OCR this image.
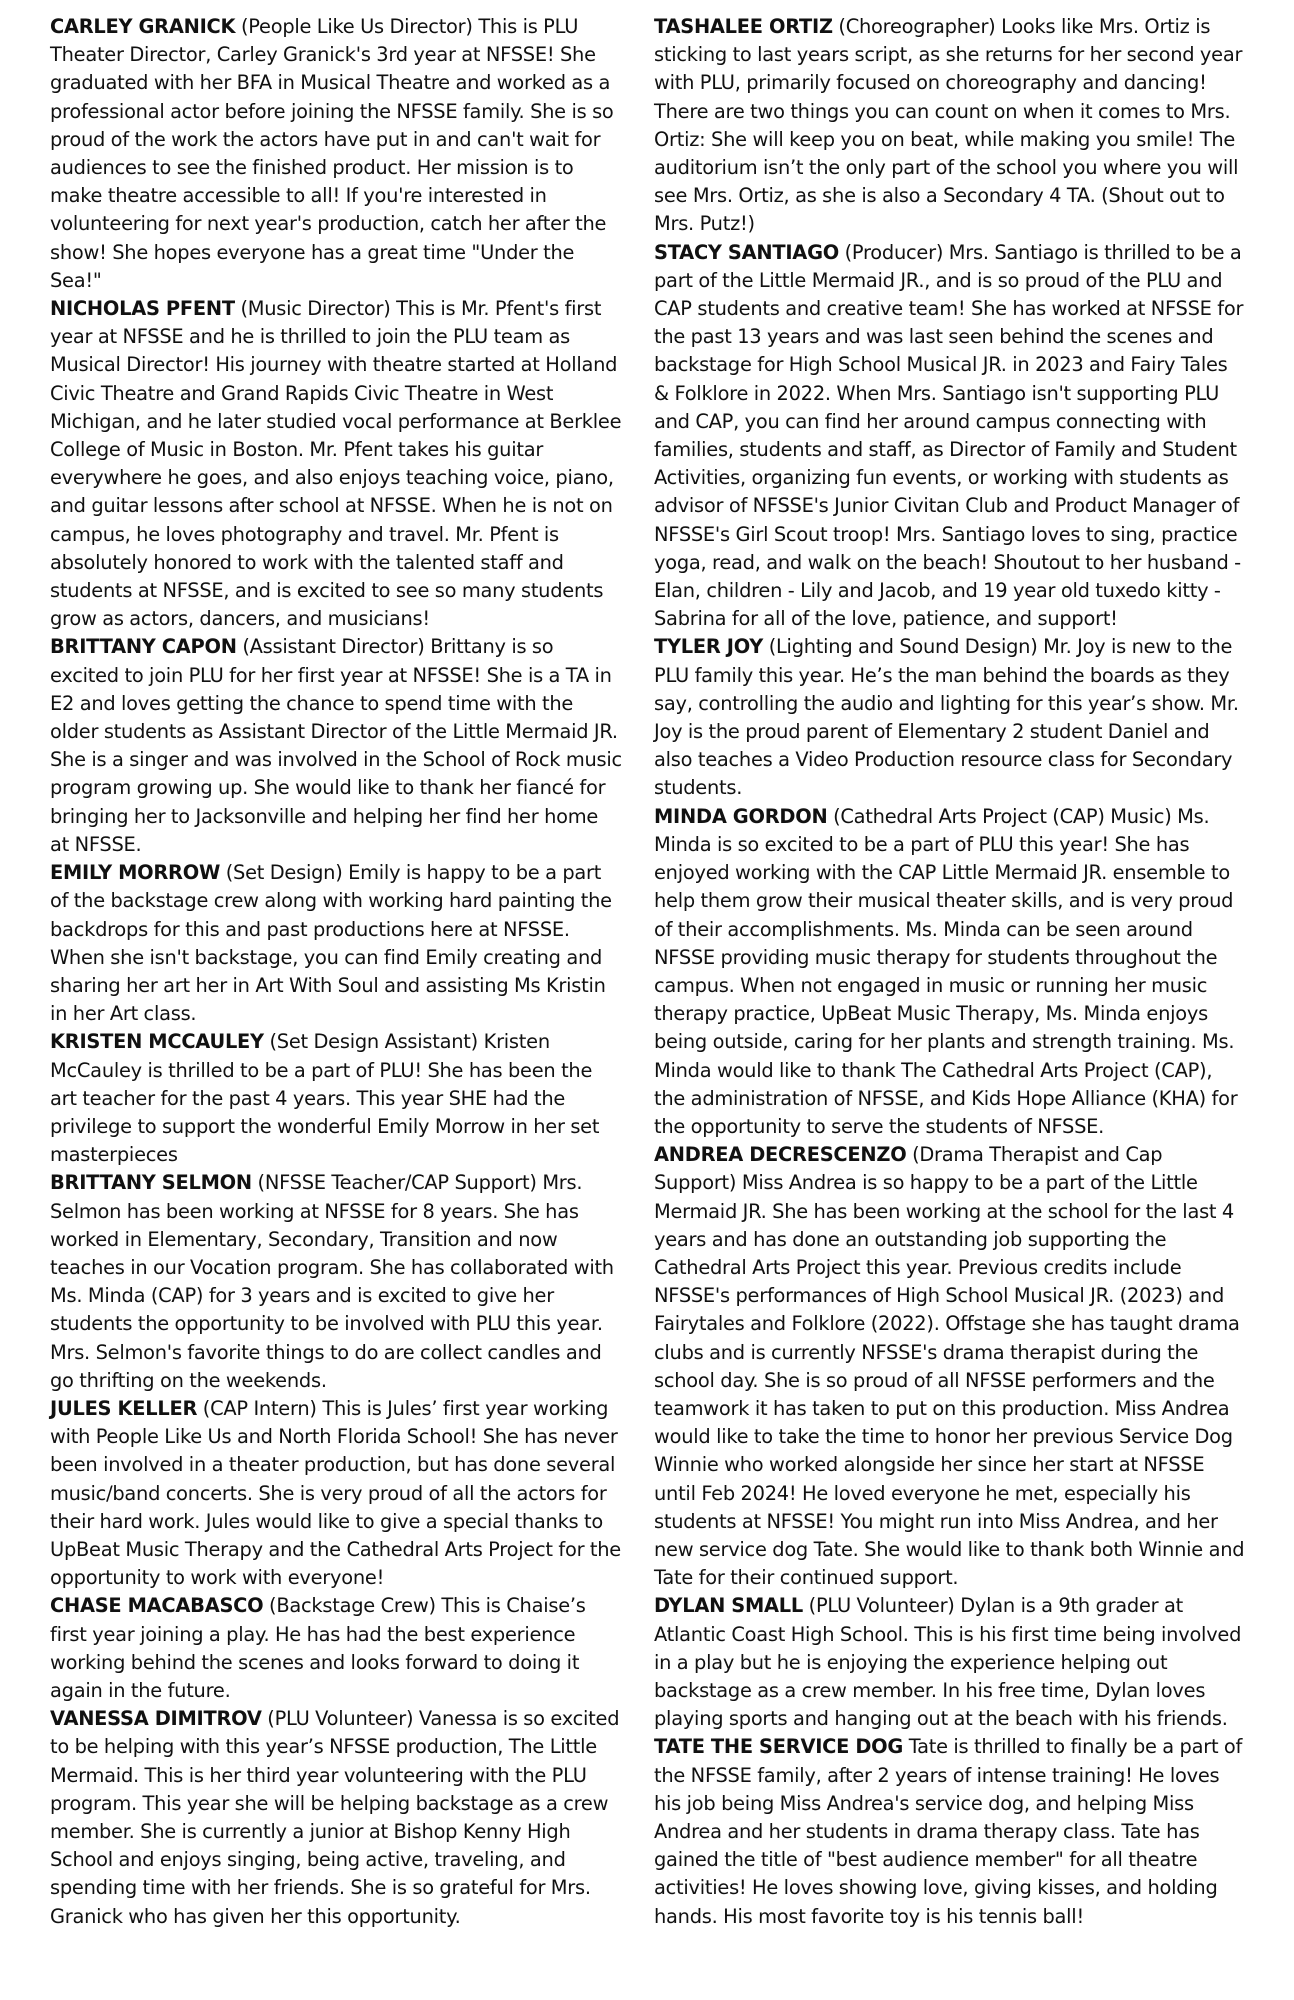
CARLEY GRANICK (People Like Us Director) This is PLU Theater Director, Carley Granick's 3rd year at NFSSE! She graduated with her BFA in Musical Theatre and worked as a professional actor before joining the NFSSE family. She is so proud of the work the actors have put in and can't wait for audiences to see the finished product. Her mission is to make theatre accessible to all! If you're interested in volunteering for next year's production, catch her after the show! She hopes everyone has a great time "Under the Sea!"

NICHOLAS PFENT (Music Director) This is Mr. Pfent's first year at NFSSE and he is thrilled to join the PLU team as Musical Director! His journey with theatre started at Holland Civic Theatre and Grand Rapids Civic Theatre in West Michigan, and he later studied vocal performance at Berklee College of Music in Boston. Mr. Pfent takes his guitar everywhere he goes, and also enjoys teaching voice, piano, and guitar lessons after school at NFSSE. When he is not on campus, he loves photography and travel. Mr. Pfent is absolutely honored to work with the talented staff and students at NFSSE, and is excited to see so many students grow as actors, dancers, and musicians!

BRITTANY CAPON (Assistant Director) Brittany is so excited to join PLU for her first year at NFSSE! She is a TA in E2 and loves getting the chance to spend time with the older students as Assistant Director of the Little Mermaid JR. She is a singer and was involved in the School of Rock music program growing up. She would like to thank her fiancé for bringing her to Jacksonville and helping her find her home at NFSSE.

EMILY MORROW (Set Design) Emily is happy to be a part of the backstage crew along with working hard painting the backdrops for this and past productions here at NFSSE. When she isn't backstage, you can find Emily creating and sharing her art her in Art With Soul and assisting Ms Kristin in her Art class.

KRISTEN MCCAULEY (Set Design Assistant) Kristen McCauley is thrilled to be a part of PLU! She has been the art teacher for the past 4 years. This year SHE had the privilege to support the wonderful Emily Morrow in her set masterpieces

BRITTANY SELMON (NFSSE Teacher/CAP Support) Mrs. Selmon has been working at NFSSE for 8 years. She has worked in Elementary, Secondary, Transition and now teaches in our Vocation program. She has collaborated with Ms. Minda (CAP) for 3 years and is excited to give her students the opportunity to be involved with PLU this year. Mrs. Selmon's favorite things to do are collect candles and go thrifting on the weekends.

JULES KELLER (CAP Intern) This is Jules’ first year working with People Like Us and North Florida School! She has never been involved in a theater production, but has done several music/band concerts. She is very proud of all the actors for their hard work. Jules would like to give a special thanks to UpBeat Music Therapy and the Cathedral Arts Project for the opportunity to work with everyone!

CHASE MACABASCO (Backstage Crew) This is Chaise’s first year joining a play. He has had the best experience working behind the scenes and looks forward to doing it again in the future.

VANESSA DIMITROV (PLU Volunteer) Vanessa is so excited to be helping with this year’s NFSSE production, The Little Mermaid. This is her third year volunteering with the PLU program. This year she will be helping backstage as a crew member. She is currently a junior at Bishop Kenny High School and enjoys singing, being active, traveling, and spending time with her friends. She is so grateful for Mrs. Granick who has given her this opportunity.

TASHALEE ORTIZ (Choreographer) Looks like Mrs. Ortiz is sticking to last years script, as she returns for her second year with PLU, primarily focused on choreography and dancing! There are two things you can count on when it comes to Mrs. Ortiz: She will keep you on beat, while making you smile! The auditorium isn’t the only part of the school you where you will see Mrs. Ortiz, as she is also a Secondary 4 TA. (Shout out to Mrs. Putz!)

STACY SANTIAGO (Producer) Mrs. Santiago is thrilled to be a part of the Little Mermaid JR., and is so proud of the PLU and CAP students and creative team! She has worked at NFSSE for the past 13 years and was last seen behind the scenes and backstage for High School Musical JR. in 2023 and Fairy Tales & Folklore in 2022. When Mrs. Santiago isn't supporting PLU and CAP, you can find her around campus connecting with families, students and staff, as Director of Family and Student Activities, organizing fun events, or working with students as advisor of NFSSE's Junior Civitan Club and Product Manager of NFSSE's Girl Scout troop! Mrs. Santiago loves to sing, practice yoga, read, and walk on the beach! Shoutout to her husband - Elan, children - Lily and Jacob, and 19 year old tuxedo kitty - Sabrina for all of the love, patience, and support!

TYLER JOY (Lighting and Sound Design) Mr. Joy is new to the PLU family this year. He’s the man behind the boards as they say, controlling the audio and lighting for this year’s show. Mr. Joy is the proud parent of Elementary 2 student Daniel and also teaches a Video Production resource class for Secondary students.

MINDA GORDON (Cathedral Arts Project (CAP) Music) Ms. Minda is so excited to be a part of PLU this year! She has enjoyed working with the CAP Little Mermaid JR. ensemble to help them grow their musical theater skills, and is very proud of their accomplishments. Ms. Minda can be seen around NFSSE providing music therapy for students throughout the campus. When not engaged in music or running her music therapy practice, UpBeat Music Therapy, Ms. Minda enjoys being outside, caring for her plants and strength training. Ms. Minda would like to thank The Cathedral Arts Project (CAP), the administration of NFSSE, and Kids Hope Alliance (KHA) for the opportunity to serve the students of NFSSE.

ANDREA DECRESCENZO (Drama Therapist and Cap Support) Miss Andrea is so happy to be a part of the Little Mermaid JR. She has been working at the school for the last 4 years and has done an outstanding job supporting the Cathedral Arts Project this year. Previous credits include NFSSE's performances of High School Musical JR. (2023) and Fairytales and Folklore (2022). Offstage she has taught drama clubs and is currently NFSSE's drama therapist during the school day. She is so proud of all NFSSE performers and the teamwork it has taken to put on this production. Miss Andrea would like to take the time to honor her previous Service Dog Winnie who worked alongside her since her start at NFSSE until Feb 2024! He loved everyone he met, especially his students at NFSSE! You might run into Miss Andrea, and her new service dog Tate. She would like to thank both Winnie and Tate for their continued support.

DYLAN SMALL (PLU Volunteer) Dylan is a 9th grader at Atlantic Coast High School. This is his first time being involved in a play but he is enjoying the experience helping out backstage as a crew member. In his free time, Dylan loves playing sports and hanging out at the beach with his friends.

TATE THE SERVICE DOG Tate is thrilled to finally be a part of the NFSSE family, after 2 years of intense training! He loves his job being Miss Andrea's service dog, and helping Miss Andrea and her students in drama therapy class. Tate has gained the title of "best audience member" for all theatre activities! He loves showing love, giving kisses, and holding hands. His most favorite toy is his tennis ball!
